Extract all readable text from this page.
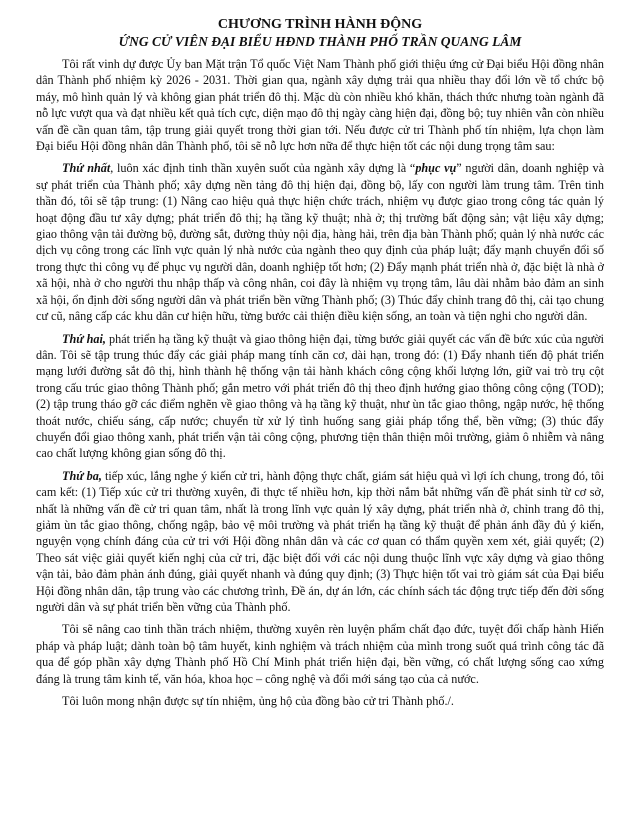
CHƯƠNG TRÌNH HÀNH ĐỘNG
ỨNG CỬ VIÊN ĐẠI BIỂU HĐND THÀNH PHỐ TRẦN QUANG LÂM

Tôi rất vinh dự được Ủy ban Mặt trận Tổ quốc Việt Nam Thành phố giới thiệu ứng cử Đại biểu Hội đồng nhân dân Thành phố nhiệm kỳ 2026 - 2031. Thời gian qua, ngành xây dựng trải qua nhiều thay đổi lớn về tổ chức bộ máy, mô hình quản lý và không gian phát triển đô thị. Mặc dù còn nhiều khó khăn, thách thức nhưng toàn ngành đã nỗ lực vượt qua và đạt nhiều kết quả tích cực, diện mạo đô thị ngày càng hiện đại, đồng bộ; tuy nhiên vẫn còn nhiều vấn đề cần quan tâm, tập trung giải quyết trong thời gian tới. Nếu được cử tri Thành phố tín nhiệm, lựa chọn làm Đại biểu Hội đồng nhân dân Thành phố, tôi sẽ nỗ lực hơn nữa để thực hiện tốt các nội dung trọng tâm sau:

Thứ nhất, luôn xác định tinh thần xuyên suốt của ngành xây dựng là “phục vụ” người dân, doanh nghiệp và sự phát triển của Thành phố; xây dựng nền tảng đô thị hiện đại, đồng bộ, lấy con người làm trung tâm. Trên tinh thần đó, tôi sẽ tập trung: (1) Nâng cao hiệu quả thực hiện chức trách, nhiệm vụ được giao trong công tác quản lý hoạt động đầu tư xây dựng; phát triển đô thị; hạ tầng kỹ thuật; nhà ở; thị trường bất động sản; vật liệu xây dựng; giao thông vận tải đường bộ, đường sắt, đường thủy nội địa, hàng hải, trên địa bàn Thành phố; quản lý nhà nước các dịch vụ công trong các lĩnh vực quản lý nhà nước của ngành theo quy định của pháp luật; đẩy mạnh chuyển đổi số trong thực thi công vụ để phục vụ người dân, doanh nghiệp tốt hơn; (2) Đẩy mạnh phát triển nhà ở, đặc biệt là nhà ở xã hội, nhà ở cho người thu nhập thấp và công nhân, coi đây là nhiệm vụ trọng tâm, lâu dài nhằm bảo đảm an sinh xã hội, ổn định đời sống người dân và phát triển bền vững Thành phố; (3) Thúc đẩy chỉnh trang đô thị, cải tạo chung cư cũ, nâng cấp các khu dân cư hiện hữu, từng bước cải thiện điều kiện sống, an toàn và tiện nghi cho người dân.

Thứ hai, phát triển hạ tầng kỹ thuật và giao thông hiện đại, từng bước giải quyết các vấn đề bức xúc của người dân. Tôi sẽ tập trung thúc đẩy các giải pháp mang tính căn cơ, dài hạn, trong đó: (1) Đẩy nhanh tiến độ phát triển mạng lưới đường sắt đô thị, hình thành hệ thống vận tải hành khách công cộng khối lượng lớn, giữ vai trò trụ cột trong cấu trúc giao thông Thành phố; gắn metro với phát triển đô thị theo định hướng giao thông công cộng (TOD); (2) tập trung tháo gỡ các điểm nghẽn về giao thông và hạ tầng kỹ thuật, như ùn tắc giao thông, ngập nước, hệ thống thoát nước, chiếu sáng, cấp nước; chuyển từ xử lý tình huống sang giải pháp tổng thể, bền vững; (3) thúc đẩy chuyển đổi giao thông xanh, phát triển vận tải công cộng, phương tiện thân thiện môi trường, giảm ô nhiễm và nâng cao chất lượng không gian sống đô thị.

Thứ ba, tiếp xúc, lắng nghe ý kiến cử tri, hành động thực chất, giám sát hiệu quả vì lợi ích chung, trong đó, tôi cam kết: (1) Tiếp xúc cử tri thường xuyên, đi thực tế nhiều hơn, kịp thời nắm bắt những vấn đề phát sinh từ cơ sở, nhất là những vấn đề cử tri quan tâm, nhất là trong lĩnh vực quản lý xây dựng, phát triển nhà ở, chỉnh trang đô thị, giảm ùn tắc giao thông, chống ngập, bảo vệ môi trường và phát triển hạ tầng kỹ thuật để phản ánh đầy đủ ý kiến, nguyện vọng chính đáng của cử tri với Hội đồng nhân dân và các cơ quan có thẩm quyền xem xét, giải quyết; (2) Theo sát việc giải quyết kiến nghị của cử tri, đặc biệt đối với các nội dung thuộc lĩnh vực xây dựng và giao thông vận tải, bảo đảm phản ánh đúng, giải quyết nhanh và đúng quy định; (3) Thực hiện tốt vai trò giám sát của Đại biểu Hội đồng nhân dân, tập trung vào các chương trình, Đề án, dự án lớn, các chính sách tác động trực tiếp đến đời sống người dân và sự phát triển bền vững của Thành phố.

Tôi sẽ nâng cao tinh thần trách nhiệm, thường xuyên rèn luyện phẩm chất đạo đức, tuyệt đối chấp hành Hiến pháp và pháp luật; dành toàn bộ tâm huyết, kinh nghiệm và trách nhiệm của mình trong suốt quá trình công tác đã qua để góp phần xây dựng Thành phố Hồ Chí Minh phát triển hiện đại, bền vững, có chất lượng sống cao xứng đáng là trung tâm kinh tế, văn hóa, khoa học – công nghệ và đổi mới sáng tạo của cả nước.

Tôi luôn mong nhận được sự tín nhiệm, ủng hộ của đồng bào cử tri Thành phố./.
